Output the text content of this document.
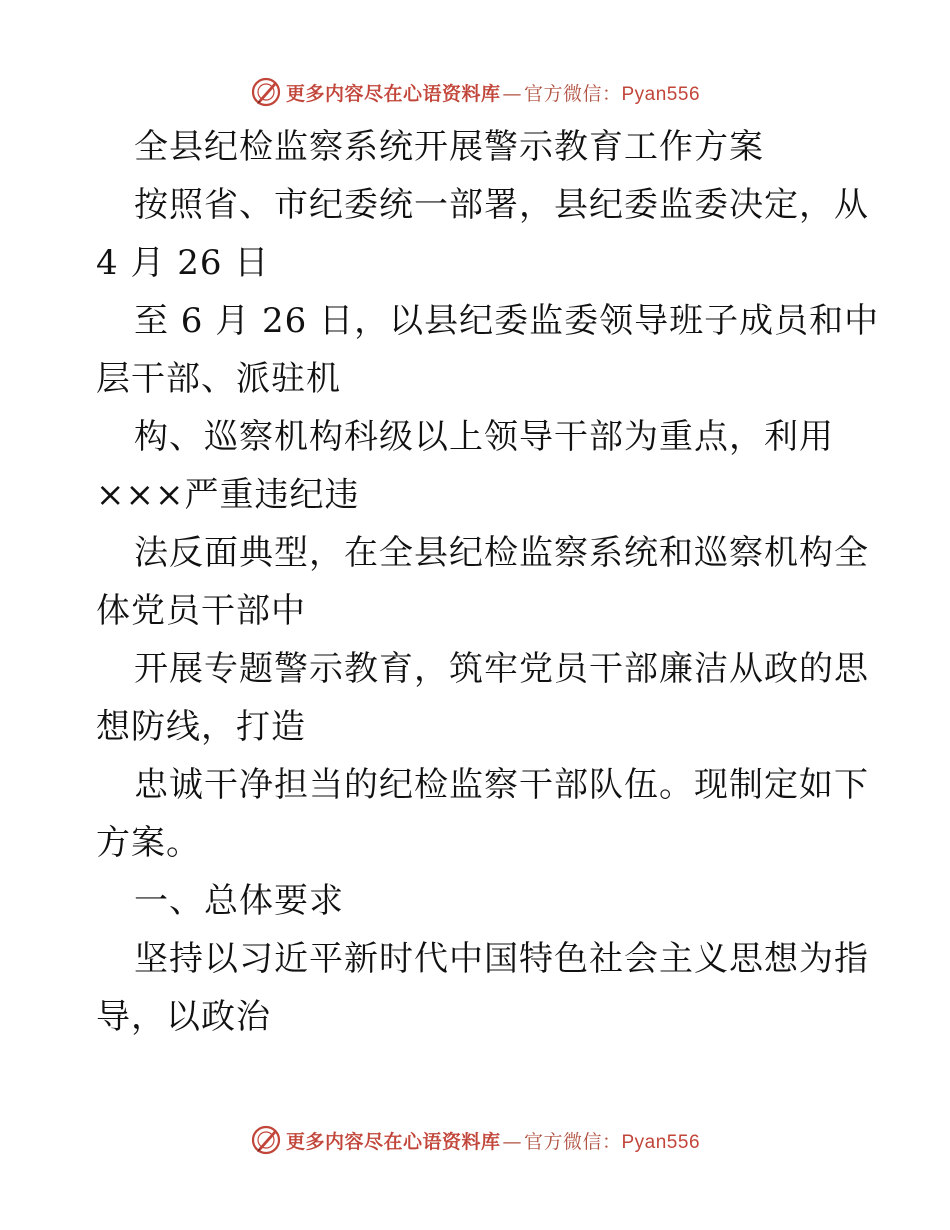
更多内容尽在心语资料库 — 官方微信： Pyan556
全县纪检监察系统开展警示教育工作方案
按照省、市纪委统一部署，县纪委监委决定，从
4 月 26 日
至 6 月 26 日，以县纪委监委领导班子成员和中
层干部、派驻机
构、巡察机构科级以上领导干部为重点，利用
×××严重违纪违
法反面典型，在全县纪检监察系统和巡察机构全
体党员干部中
开展专题警示教育，筑牢党员干部廉洁从政的思
想防线，打造
忠诚干净担当的纪检监察干部队伍。现制定如下
方案。
一、总体要求
坚持以习近平新时代中国特色社会主义思想为指
导，以政治
更多内容尽在心语资料库 — 官方微信： Pyan556
